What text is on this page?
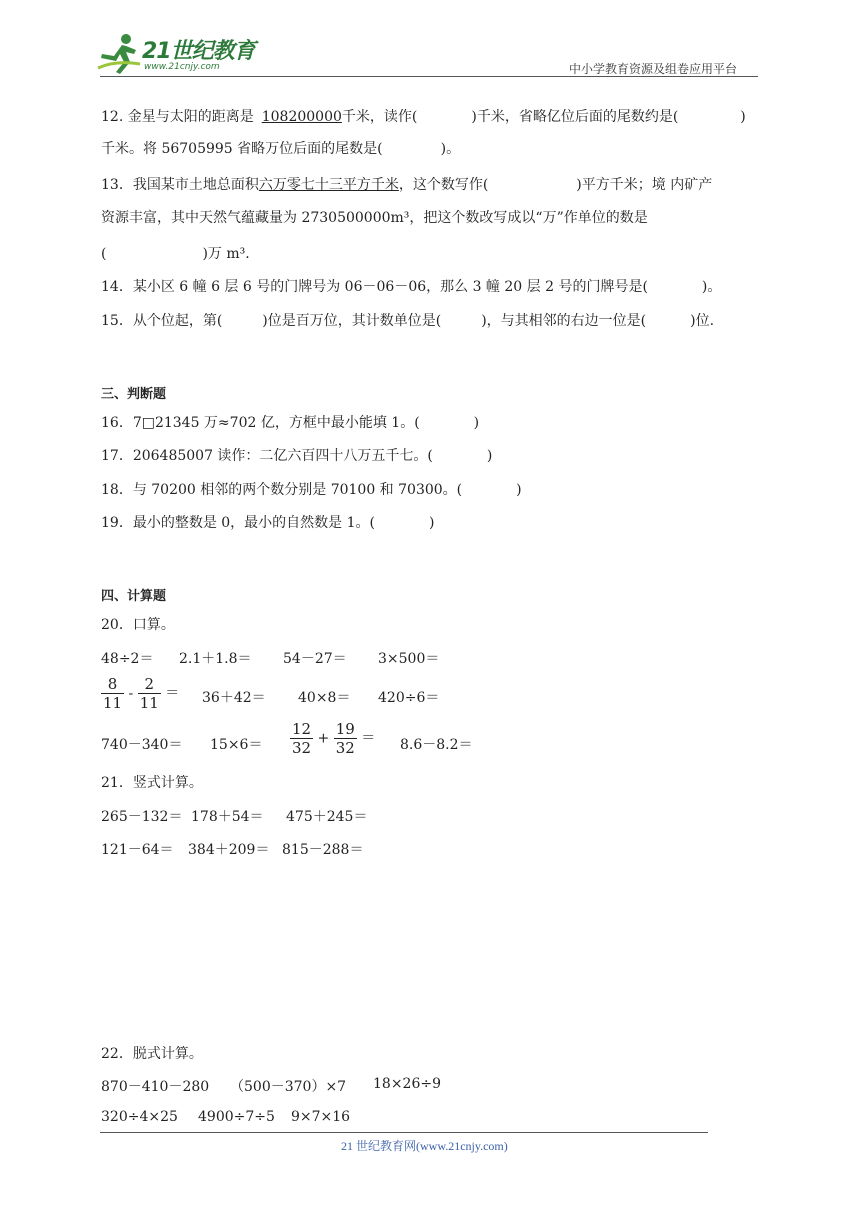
21世纪教育
www.21cnjy.com	中小学教育资源及组卷应用平台
12. 金星与太阳的距离是 108200000千米，读作(	)千米，省略亿位后面的尾数约是(	)
千米。将 56705995 省略万位后面的尾数是(	)。
13．我国某市土地总面积六万零七十三平方千米，这个数写作(	)平方千米；境 内矿产
资源丰富，其中天然气蕴藏量为 2730500000m³，把这个数改写成以“万”作单位的数是
(	)万 m³.
14．某小区 6 幢 6 层 6 号的门牌号为 06－06－06，那么 3 幢 20 层 2 号的门牌号是(	)。
15．从个位起，第(	)位是百万位，其计数单位是(	)，与其相邻的右边一位是(	)位.
三、判断题
16．7□21345 万≈702 亿，方框中最小能填 1。(	)
17．206485007 读作：二亿六百四十八万五千七。(	)
18．与 70200 相邻的两个数分别是 70100 和 70300。(	)
19．最小的整数是 0，最小的自然数是 1。(	)
四、计算题
20．口算。
48÷2＝ 2.1＋1.8＝ 54－27＝ 3×500＝
$\frac{8}{11} - \frac{2}{11} = 36+42= 40\times 8= 420\div 6=$
$740-340= 15\times 6= \frac{12}{32} + \frac{19}{32} = 8.6-8.2=$
21．竖式计算。
265－132＝ 178＋54＝ 475＋245＝
121－64＝ 384＋209＝ 815－288＝
22．脱式计算。
870－410－280 （500－370）×7 18×26÷9
320÷4×25 4900÷7÷5 9×7×16
21 世纪教育网(www.21cnjy.com)
